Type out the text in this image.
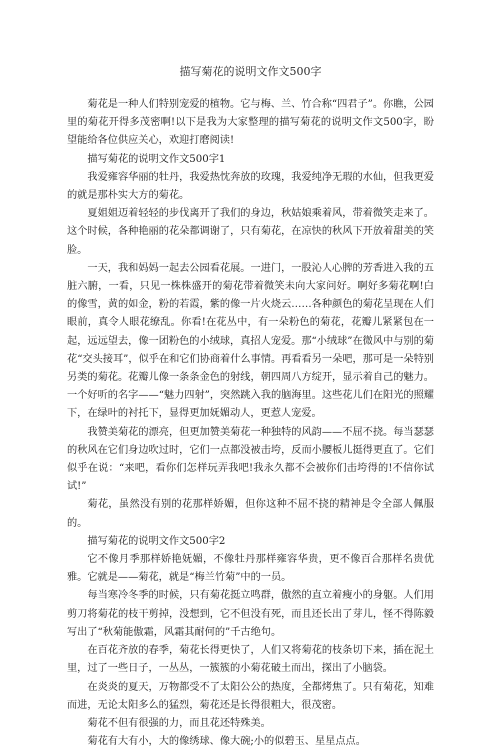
描写菊花的说明文作文500字

菊花是一种人们特别宠爱的植物。它与梅、兰、竹合称“四君子”。你瞧，公园里的菊花开得多茂密啊!以下是我为大家整理的描写菊花的说明文作文500字，盼望能给各位供应关心，欢迎打磨阅读!

描写菊花的说明文作文500字1

我爱雍容华丽的牡丹，我爱热忱奔放的玫瑰，我爱纯净无瑕的水仙，但我更爱的就是那朴实大方的菊花。

夏姐姐迈着轻轻的步伐离开了我们的身边，秋姑娘乘着风，带着微笑走来了。这个时候，各种艳丽的花朵都调谢了，只有菊花，在凉快的秋风下开放着甜美的笑脸。

一天，我和妈妈一起去公园看花展。一进门，一股沁人心脾的芳香进入我的五脏六腑，一看，只见一株株盛开的菊花带着微笑未向大家问好。啊好多菊花啊!白的像雪，黄的如金，粉的若霞，紫的像一片火烧云……各种颜色的菊花呈现在人们眼前，真令人眼花缭乱。你看!在花丛中，有一朵粉色的菊花，花瓣儿紧紧包在一起，远远望去，像一团粉色的小绒球，真招人宠爱。那“小绒球”在微风中与别的菊花“交头接耳”，似乎在和它们协商着什么事情。再看看另一朵吧，那可是一朵特别另类的菊花。花瓣儿像一条条金色的射线，朝四周八方绽开，显示着自己的魅力。一个好听的名字——“魅力四射”，突然跳入我的脑海里。这些花儿们在阳光的照耀下，在绿叶的衬托下，显得更加妩媚动人，更惹人宠爱。

我赞美菊花的漂亮，但更加赞美菊花一种独特的风韵——不屈不挠。每当瑟瑟的秋风在它们身边吹过时，它们一点都没被击垮，反而小腰板儿挺得更直了。它们似乎在说：“来吧，看你们怎样玩弄我吧!我永久都不会被你们击垮得的!不信你试试!”

菊花，虽然没有别的花那样娇媚，但你这种不屈不挠的精神是令全部人佩服的。

描写菊花的说明文作文500字2

它不像月季那样娇艳妩媚，不像牡丹那样雍容华贵，更不像百合那样名贵优雅。它就是——菊花，就是“梅兰竹菊”中的一员。

每当寒冷冬季的时候，只有菊花挺立鸣群，傲然的直立着瘦小的身躯。人们用剪刀将菊花的枝干剪掉，没想到，它不但没有死，而且还长出了芽儿，怪不得陈毅写出了“秋菊能傲霜，风霜其耐何的”千古绝句。

在百花齐放的春季，菊花长得更快了，人们又将菊花的枝条切下来，插在泥土里，过了一些日子，一丛丛，一簇簇的小菊花破土而出，探出了小脑袋。

在炎炎的夏天，万物都受不了太阳公公的热度，全都烤焦了。只有菊花，知难而进，无论太阳多么的猛烈，菊花还是长得很粗大，很茂密。

菊花不但有很强的力，而且花还特殊美。

菊花有大有小，大的像绣球、像大碗;小的似碧玉、星星点点。
